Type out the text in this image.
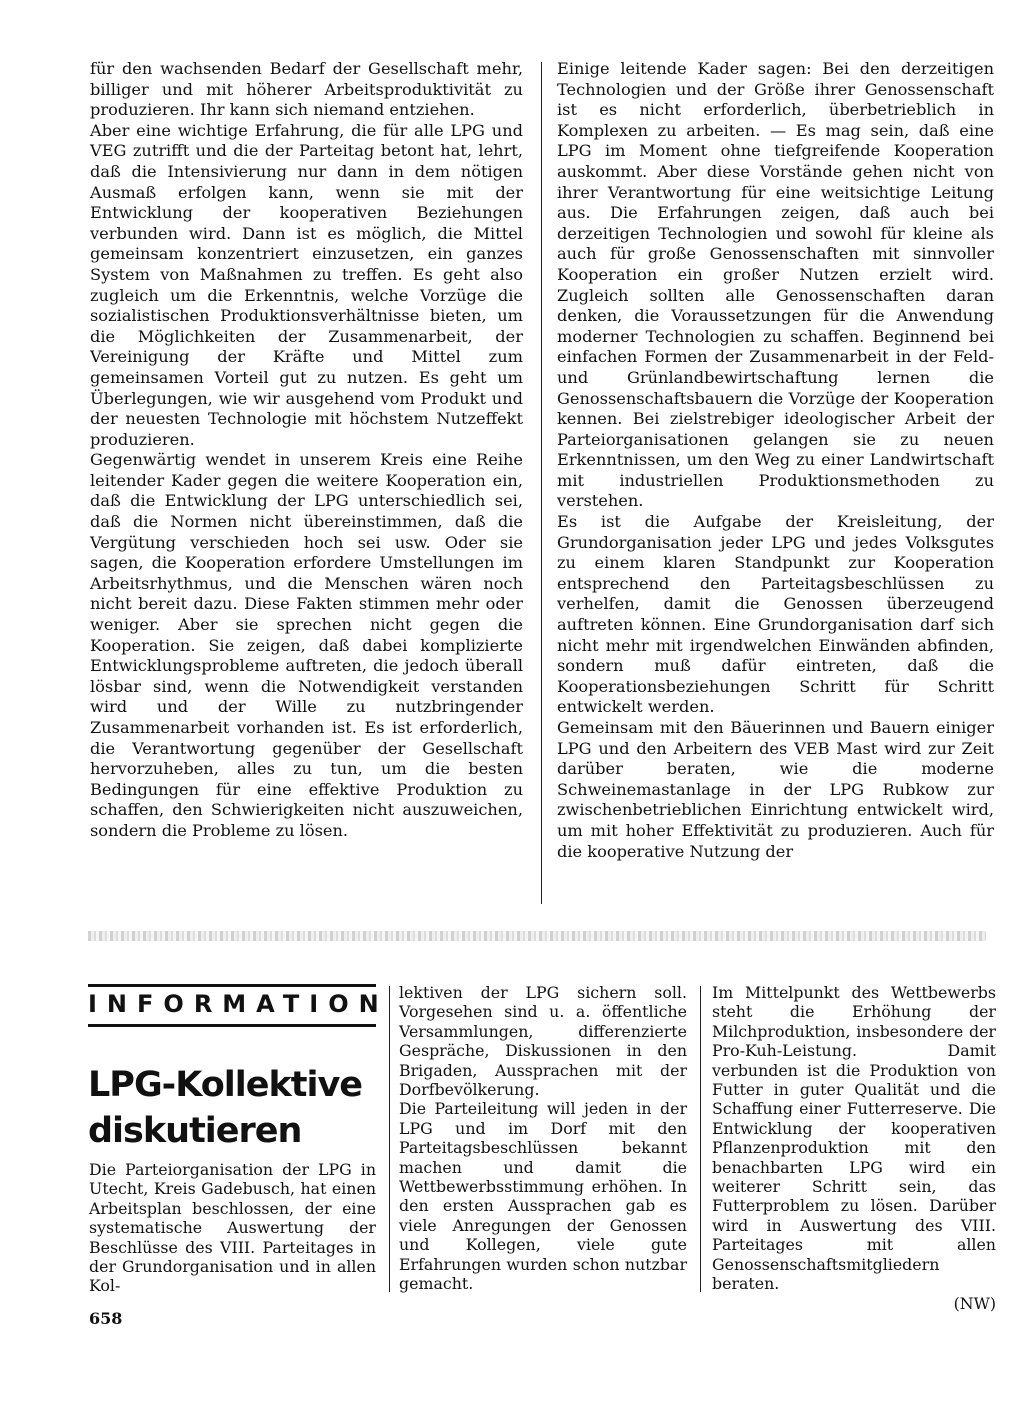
für den wachsenden Bedarf der Gesellschaft mehr, billiger und mit höherer Arbeitsproduktivität zu produzieren. Ihr kann sich niemand entziehen.

Aber eine wichtige Erfahrung, die für alle LPG und VEG zutrifft und die der Parteitag betont hat, lehrt, daß die Intensivierung nur dann in dem nötigen Ausmaß erfolgen kann, wenn sie mit der Entwicklung der kooperativen Beziehungen verbunden wird. Dann ist es möglich, die Mittel gemeinsam konzentriert einzusetzen, ein ganzes System von Maßnahmen zu treffen. Es geht also zugleich um die Erkenntnis, welche Vorzüge die sozialistischen Produktionsverhältnisse bieten, um die Möglichkeiten der Zusammenarbeit, der Vereinigung der Kräfte und Mittel zum gemeinsamen Vorteil gut zu nutzen. Es geht um Überlegungen, wie wir ausgehend vom Produkt und der neuesten Technologie mit höchstem Nutzeffekt produzieren.

Gegenwärtig wendet in unserem Kreis eine Reihe leitender Kader gegen die weitere Kooperation ein, daß die Entwicklung der LPG unterschiedlich sei, daß die Normen nicht übereinstimmen, daß die Vergütung verschieden hoch sei usw. Oder sie sagen, die Kooperation erfordere Umstellungen im Arbeitsrhythmus, und die Menschen wären noch nicht bereit dazu. Diese Fakten stimmen mehr oder weniger. Aber sie sprechen nicht gegen die Kooperation. Sie zeigen, daß dabei komplizierte Entwicklungsprobleme auftreten, die jedoch überall lösbar sind, wenn die Notwendigkeit verstanden wird und der Wille zu nutzbringender Zusammenarbeit vorhanden ist. Es ist erforderlich, die Verantwortung gegenüber der Gesellschaft hervorzuheben, alles zu tun, um die besten Bedingungen für eine effektive Produktion zu schaffen, den Schwierigkeiten nicht auszuweichen, sondern die Probleme zu lösen.

Einige leitende Kader sagen: Bei den derzeitigen Technologien und der Größe ihrer Genossenschaft ist es nicht erforderlich, überbetrieblich in Komplexen zu arbeiten. — Es mag sein, daß eine LPG im Moment ohne tiefgreifende Kooperation auskommt. Aber diese Vorstände gehen nicht von ihrer Verantwortung für eine weitsichtige Leitung aus. Die Erfahrungen zeigen, daß auch bei derzeitigen Technologien und sowohl für kleine als auch für große Genossenschaften mit sinnvoller Kooperation ein großer Nutzen erzielt wird. Zugleich sollten alle Genossenschaften daran denken, die Voraussetzungen für die Anwendung moderner Technologien zu schaffen. Beginnend bei einfachen Formen der Zusammenarbeit in der Feld- und Grünlandbewirtschaftung lernen die Genossenschaftsbauern die Vorzüge der Kooperation kennen. Bei zielstrebiger ideologischer Arbeit der Parteiorganisationen gelangen sie zu neuen Erkenntnissen, um den Weg zu einer Landwirtschaft mit industriellen Produktionsmethoden zu verstehen.

Es ist die Aufgabe der Kreisleitung, der Grundorganisation jeder LPG und jedes Volksgutes zu einem klaren Standpunkt zur Kooperation entsprechend den Parteitagsbeschlüssen zu verhelfen, damit die Genossen überzeugend auftreten können. Eine Grundorganisation darf sich nicht mehr mit irgendwelchen Einwänden abfinden, sondern muß dafür eintreten, daß die Kooperationsbeziehungen Schritt für Schritt entwickelt werden.

Gemeinsam mit den Bäuerinnen und Bauern einiger LPG und den Arbeitern des VEB Mast wird zur Zeit darüber beraten, wie die moderne Schweinemastanlage in der LPG Rubkow zur zwischenbetrieblichen Einrichtung entwickelt wird, um mit hoher Effektivität zu produzieren. Auch für die kooperative Nutzung der

INFORMATION
LPG-Kollektive diskutieren

Die Parteiorganisation der LPG in Utecht, Kreis Gadebusch, hat einen Arbeitsplan beschlossen, der eine systematische Auswertung der Beschlüsse des VIII. Parteitages in der Grundorganisation und in allen Kol-

lektiven der LPG sichern soll. Vorgesehen sind u. a. öffentliche Versammlungen, differenzierte Gespräche, Diskussionen in den Brigaden, Aussprachen mit der Dorfbevölkerung.

Die Parteileitung will jeden in der LPG und im Dorf mit den Parteitagsbeschlüssen bekannt machen und damit die Wettbewerbsstimmung erhöhen. In den ersten Aussprachen gab es viele Anregungen der Genossen und Kollegen, viele gute Erfahrungen wurden schon nutzbar gemacht.

Im Mittelpunkt des Wettbewerbs steht die Erhöhung der Milchproduktion, insbesondere der Pro-Kuh-Leistung. Damit verbunden ist die Produktion von Futter in guter Qualität und die Schaffung einer Futterreserve. Die Entwicklung der kooperativen Pflanzenproduktion mit den benachbarten LPG wird ein weiterer Schritt sein, das Futterproblem zu lösen. Darüber wird in Auswertung des VIII. Parteitages mit allen Genossenschaftsmitgliedern beraten.

(NW)

658
